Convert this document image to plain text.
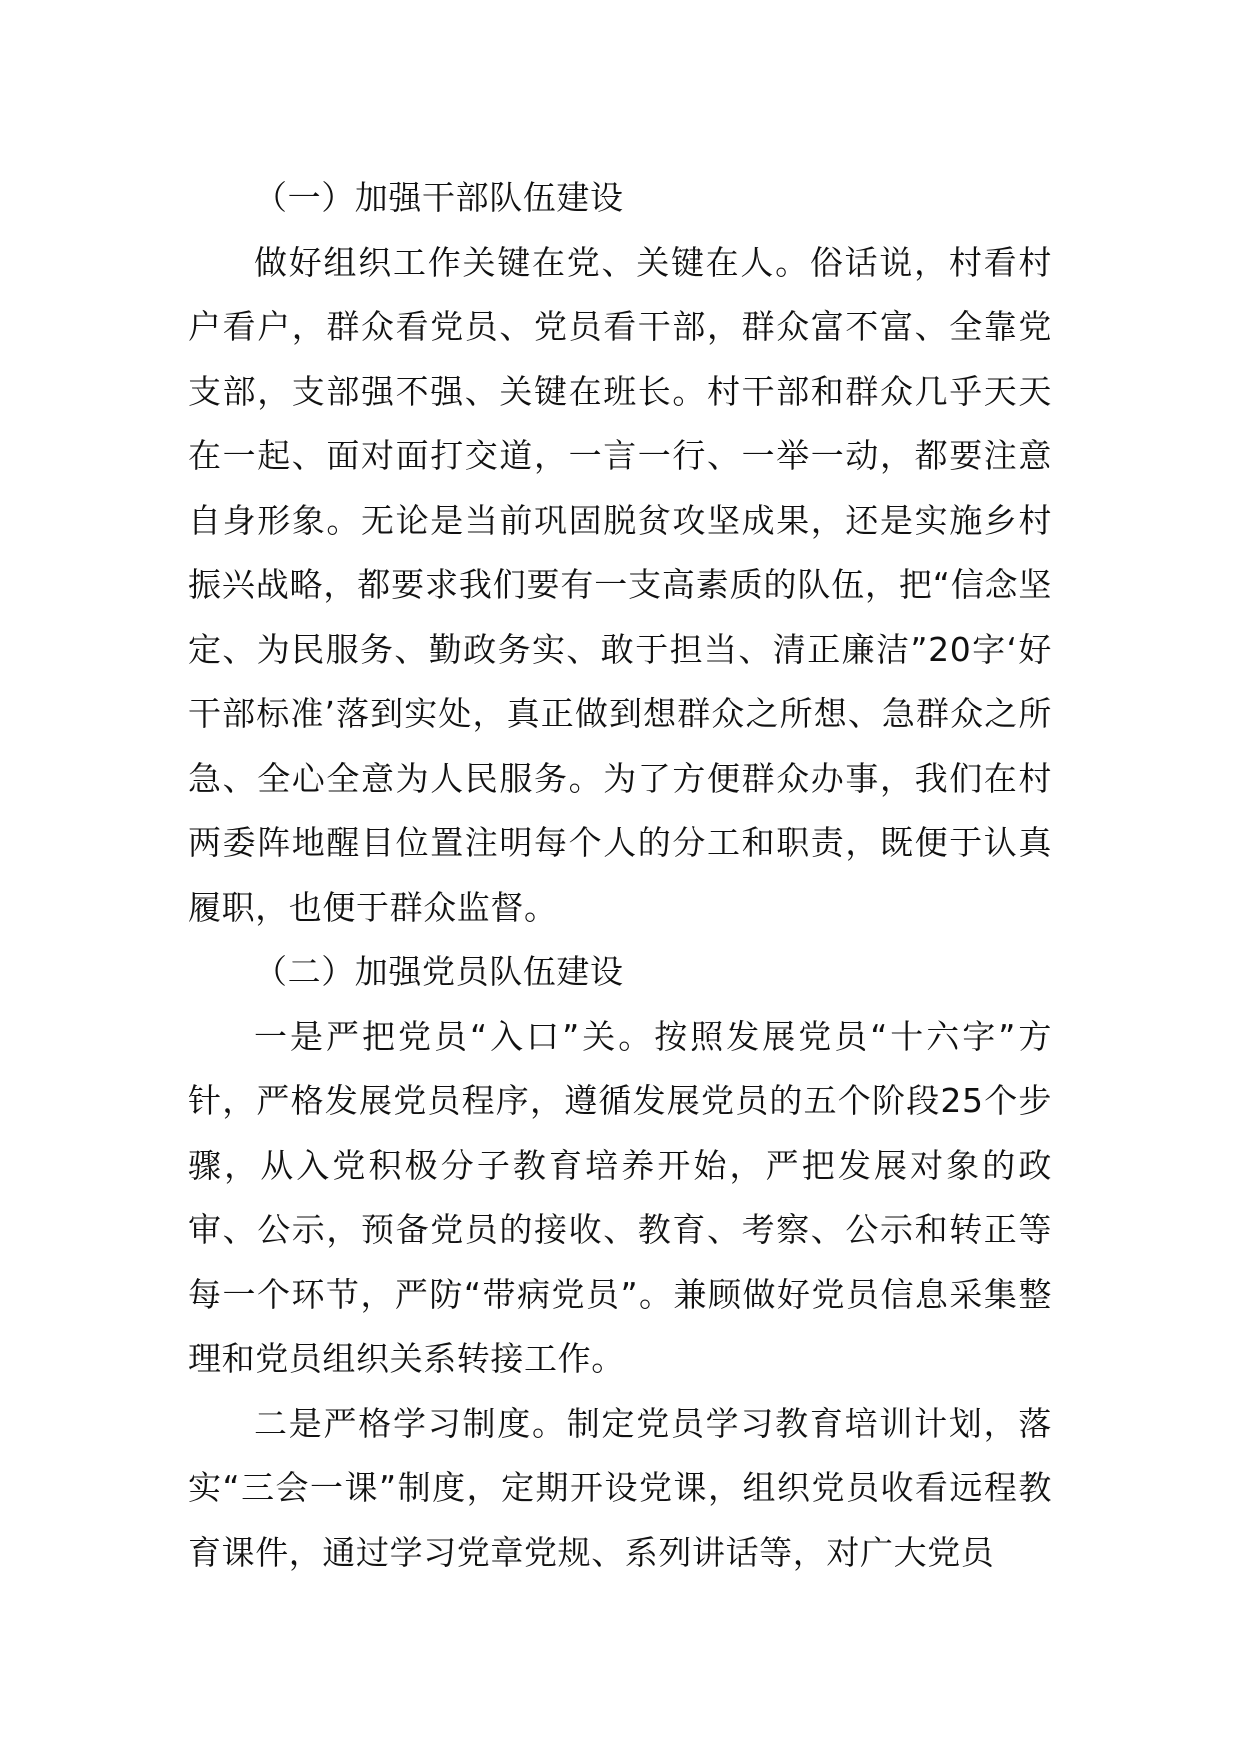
（一）加强干部队伍建设

做好组织工作关键在党、关键在人。俗话说，村看村户看户，群众看党员、党员看干部，群众富不富、全靠党支部，支部强不强、关键在班长。村干部和群众几乎天天在一起、面对面打交道，一言一行、一举一动，都要注意自身形象。无论是当前巩固脱贫攻坚成果，还是实施乡村振兴战略，都要求我们要有一支高素质的队伍，把“信念坚定、为民服务、勤政务实、敢于担当、清正廉洁”20字‘好干部标准’落到实处，真正做到想群众之所想、急群众之所急、全心全意为人民服务。为了方便群众办事，我们在村两委阵地醒目位置注明每个人的分工和职责，既便于认真履职，也便于群众监督。

（二）加强党员队伍建设

一是严把党员“入口”关。按照发展党员“十六字”方针，严格发展党员程序，遵循发展党员的五个阶段25个步骤，从入党积极分子教育培养开始，严把发展对象的政审、公示，预备党员的接收、教育、考察、公示和转正等每一个环节，严防“带病党员”。兼顾做好党员信息采集整理和党员组织关系转接工作。

二是严格学习制度。制定党员学习教育培训计划，落实“三会一课”制度，定期开设党课，组织党员收看远程教育课件，通过学习党章党规、系列讲话等，对广大党员
